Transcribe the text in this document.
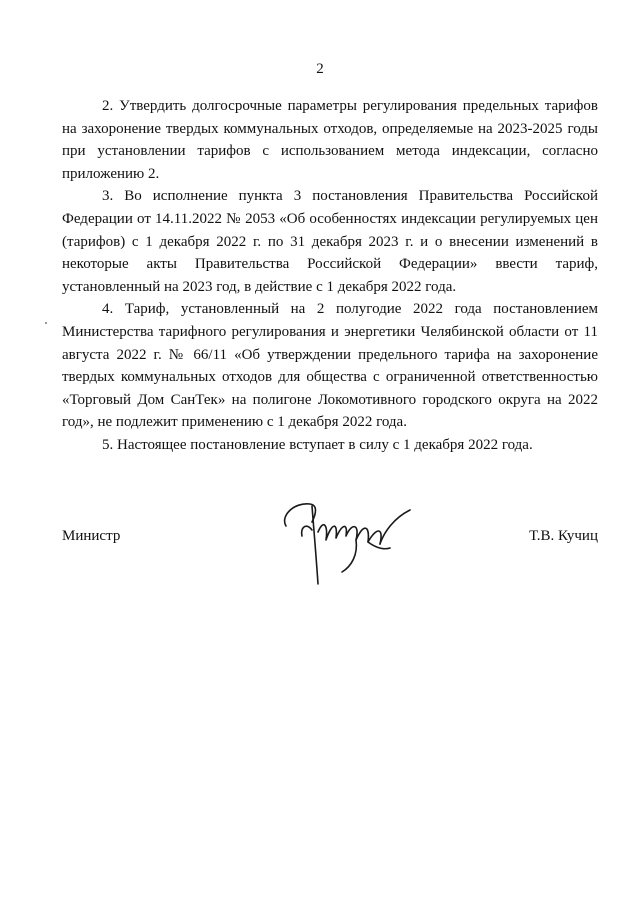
2

2. Утвердить долгосрочные параметры регулирования предельных тарифов на захоронение твердых коммунальных отходов, определяемые на 2023-2025 годы при установлении тарифов с использованием метода индексации, согласно приложению 2.

3. Во исполнение пункта 3 постановления Правительства Российской Федерации от 14.11.2022 № 2053 «Об особенностях индексации регулируемых цен (тарифов) с 1 декабря 2022 г. по 31 декабря 2023 г. и о внесении изменений в некоторые акты Правительства Российской Федерации» ввести тариф, установленный на 2023 год, в действие с 1 декабря 2022 года.

4. Тариф, установленный на 2 полугодие 2022 года постановлением Министерства тарифного регулирования и энергетики Челябинской области от 11 августа 2022 г. № 66/11 «Об утверждении предельного тарифа на захоронение твердых коммунальных отходов для общества с ограниченной ответственностью «Торговый Дом СанТек» на полигоне Локомотивного городского округа на 2022 год», не подлежит применению с 1 декабря 2022 года.

5. Настоящее постановление вступает в силу с 1 декабря 2022 года.

Министр	Т.В. Кучиц
